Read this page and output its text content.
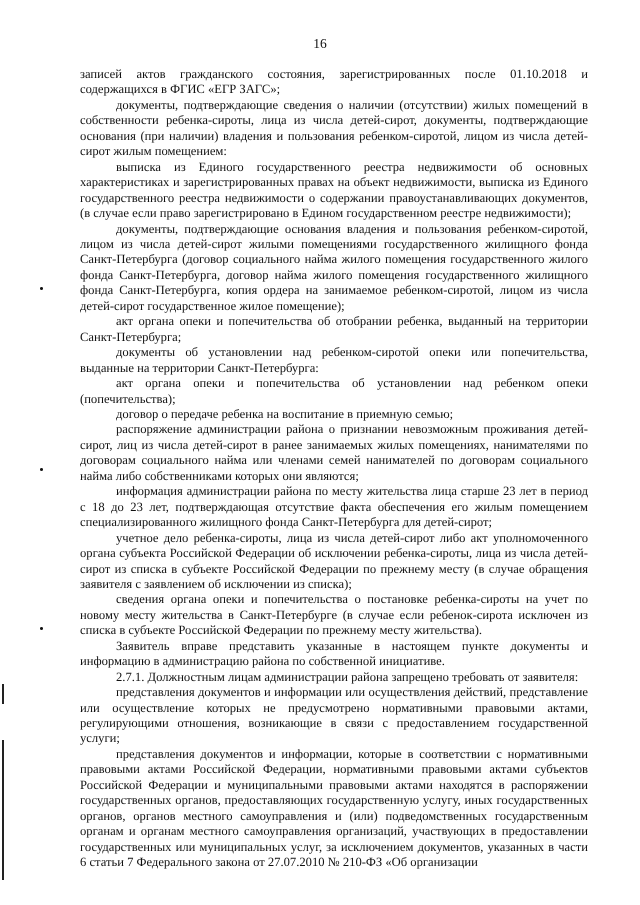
16

записей актов гражданского состояния, зарегистрированных после 01.10.2018 и содержащихся в ФГИС «ЕГР ЗАГС»;

документы, подтверждающие сведения о наличии (отсутствии) жилых помещений в собственности ребенка-сироты, лица из числа детей-сирот, документы, подтверждающие основания (при наличии) владения и пользования ребенком-сиротой, лицом из числа детей-сирот жилым помещением:

выписка из Единого государственного реестра недвижимости об основных характеристиках и зарегистрированных правах на объект недвижимости, выписка из Единого государственного реестра недвижимости о содержании правоустанавливающих документов, (в случае если право зарегистрировано в Едином государственном реестре недвижимости);

документы, подтверждающие основания владения и пользования ребенком-сиротой, лицом из числа детей-сирот жилыми помещениями государственного жилищного фонда Санкт-Петербурга (договор социального найма жилого помещения государственного жилого фонда Санкт-Петербурга, договор найма жилого помещения государственного жилищного фонда Санкт-Петербурга, копия ордера на занимаемое ребенком-сиротой, лицом из числа детей-сирот государственное жилое помещение);

акт органа опеки и попечительства об отобрании ребенка, выданный на территории Санкт-Петербурга;

документы об установлении над ребенком-сиротой опеки или попечительства, выданные на территории Санкт-Петербурга:

акт органа опеки и попечительства об установлении над ребенком опеки (попечительства);

договор о передаче ребенка на воспитание в приемную семью;

распоряжение администрации района о признании невозможным проживания детей-сирот, лиц из числа детей-сирот в ранее занимаемых жилых помещениях, нанимателями по договорам социального найма или членами семей нанимателей по договорам социального найма либо собственниками которых они являются;

информация администрации района по месту жительства лица старше 23 лет в период с 18 до 23 лет, подтверждающая отсутствие факта обеспечения его жилым помещением специализированного жилищного фонда Санкт-Петербурга для детей-сирот;

учетное дело ребенка-сироты, лица из числа детей-сирот либо акт уполномоченного органа субъекта Российской Федерации об исключении ребенка-сироты, лица из числа детей-сирот из списка в субъекте Российской Федерации по прежнему месту (в случае обращения заявителя с заявлением об исключении из списка);

сведения органа опеки и попечительства о постановке ребенка-сироты на учет по новому месту жительства в Санкт-Петербурге (в случае если ребенок-сирота исключен из списка в субъекте Российской Федерации по прежнему месту жительства).

Заявитель вправе представить указанные в настоящем пункте документы и информацию в администрацию района по собственной инициативе.

2.7.1. Должностным лицам администрации района запрещено требовать от заявителя:

представления документов и информации или осуществления действий, представление или осуществление которых не предусмотрено нормативными правовыми актами, регулирующими отношения, возникающие в связи с предоставлением государственной услуги;

представления документов и информации, которые в соответствии с нормативными правовыми актами Российской Федерации, нормативными правовыми актами субъектов Российской Федерации и муниципальными правовыми актами находятся в распоряжении государственных органов, предоставляющих государственную услугу, иных государственных органов, органов местного самоуправления и (или) подведомственных государственным органам и органам местного самоуправления организаций, участвующих в предоставлении государственных или муниципальных услуг, за исключением документов, указанных в части 6 статьи 7 Федерального закона от 27.07.2010 № 210-ФЗ «Об организации
